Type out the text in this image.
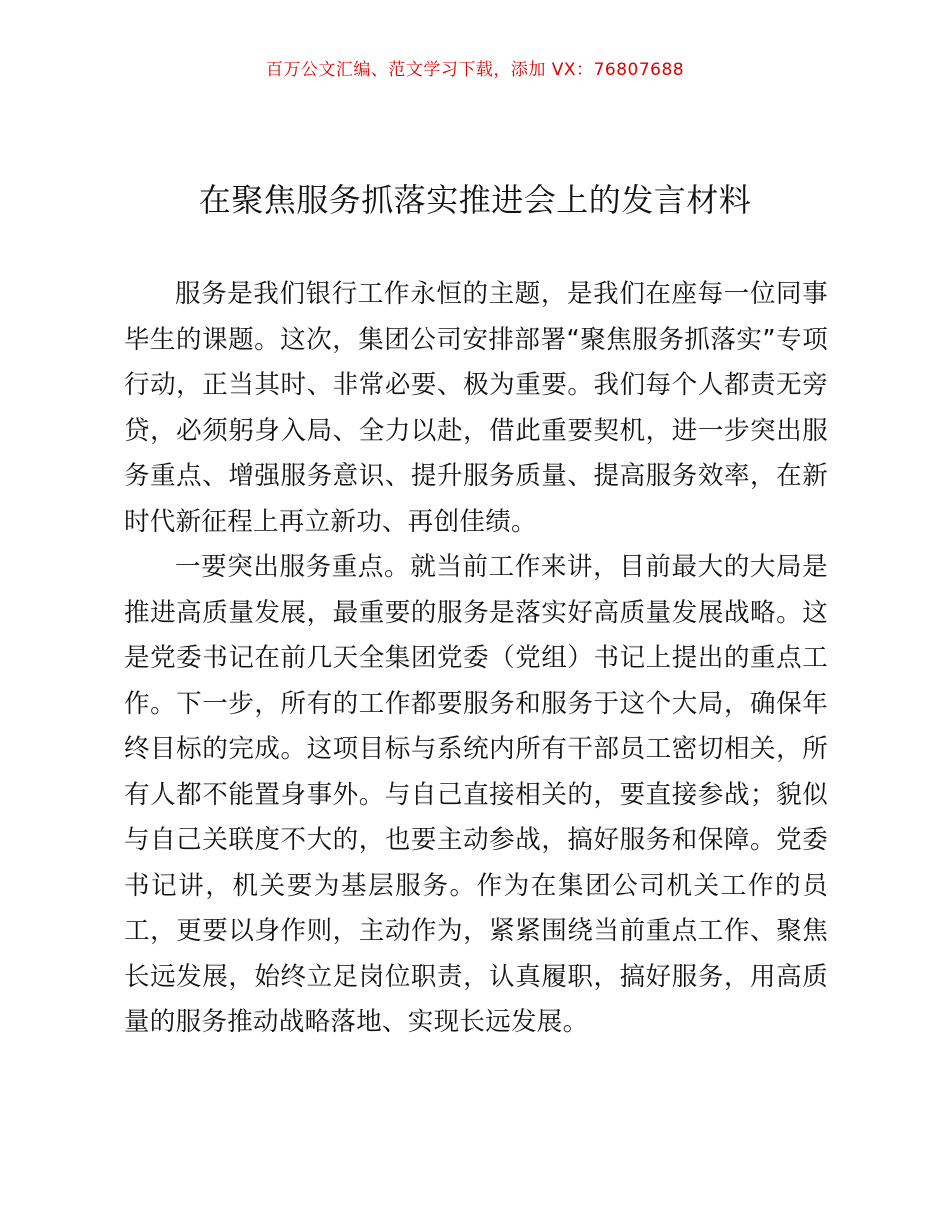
百万公文汇编、范文学习下载，添加 VX：76807688
在聚焦服务抓落实推进会上的发言材料

服务是我们银行工作永恒的主题，是我们在座每一位同事毕生的课题。这次，集团公司安排部署“聚焦服务抓落实”专项行动，正当其时、非常必要、极为重要。我们每个人都责无旁贷，必须躬身入局、全力以赴，借此重要契机，进一步突出服务重点、增强服务意识、提升服务质量、提高服务效率，在新时代新征程上再立新功、再创佳绩。

一要突出服务重点。就当前工作来讲，目前最大的大局是推进高质量发展，最重要的服务是落实好高质量发展战略。这是党委书记在前几天全集团党委（党组）书记上提出的重点工作。下一步，所有的工作都要服务和服务于这个大局，确保年终目标的完成。这项目标与系统内所有干部员工密切相关，所有人都不能置身事外。与自己直接相关的，要直接参战；貌似与自己关联度不大的，也要主动参战，搞好服务和保障。党委书记讲，机关要为基层服务。作为在集团公司机关工作的员工，更要以身作则，主动作为，紧紧围绕当前重点工作、聚焦长远发展，始终立足岗位职责，认真履职，搞好服务，用高质量的服务推动战略落地、实现长远发展。
